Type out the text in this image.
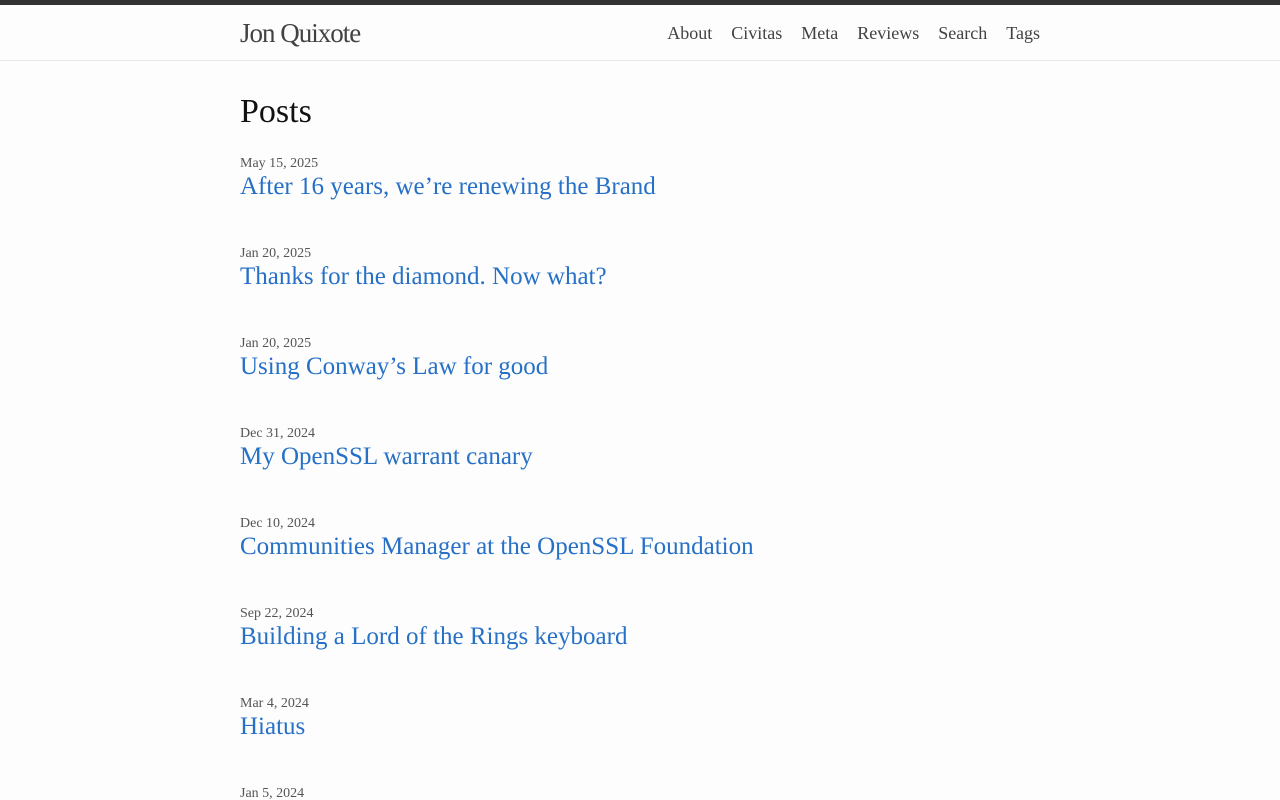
Jon Quixote	About Civitas Meta Reviews Search Tags
Posts
May 15, 2025
After 16 years, we’re renewing the Brand
Jan 20, 2025
Thanks for the diamond. Now what?
Jan 20, 2025
Using Conway’s Law for good
Dec 31, 2024
My OpenSSL warrant canary
Dec 10, 2024
Communities Manager at the OpenSSL Foundation
Sep 22, 2024
Building a Lord of the Rings keyboard
Mar 4, 2024
Hiatus
Jan 5, 2024
